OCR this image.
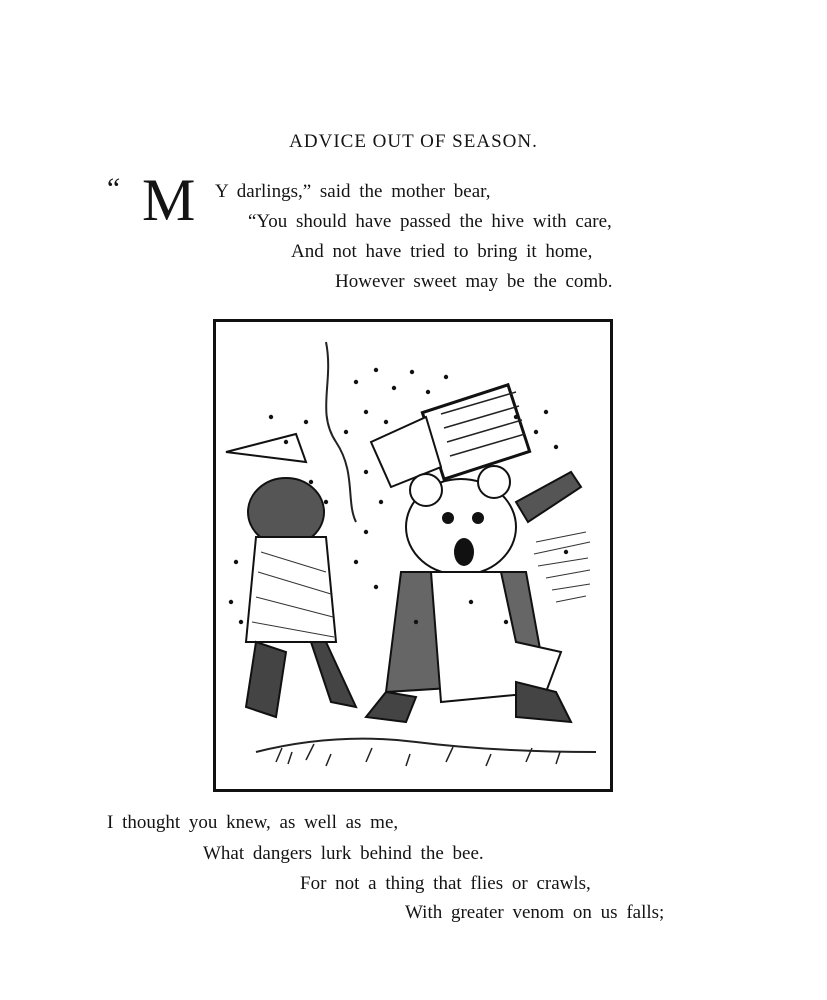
ADVICE OUT OF SEASON.
“ M Y darlings,” said the mother bear,
“You should have passed the hive with care,
And not have tried to bring it home,
However sweet may be the comb.
I thought you knew, as well as me,
What dangers lurk behind the bee.
For not a thing that flies or crawls,
With greater venom on us falls;
